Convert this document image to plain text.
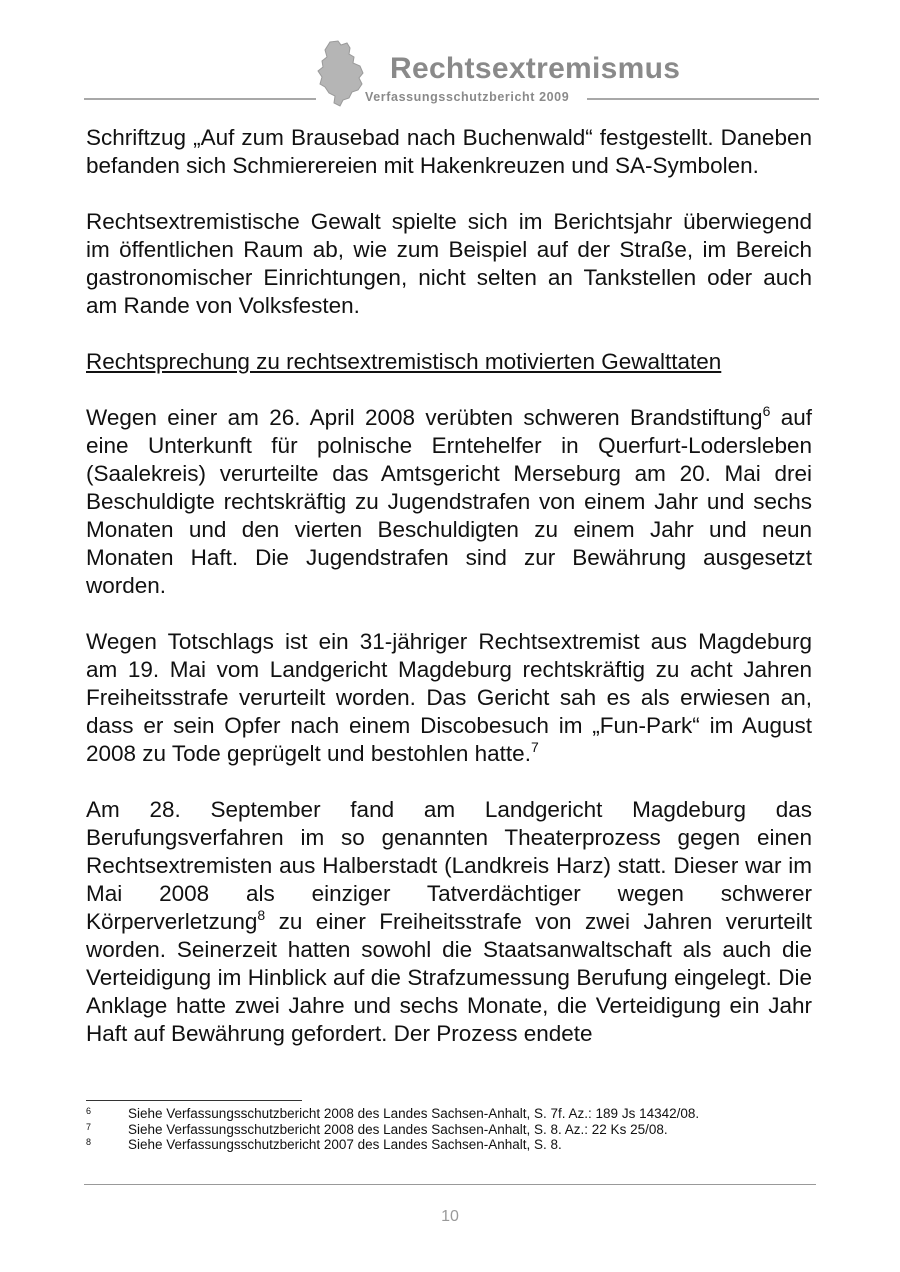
Rechtsextremismus
Verfassungsschutzbericht 2009

Schriftzug „Auf zum Brausebad nach Buchenwald“ festgestellt. Daneben befanden sich Schmierereien mit Hakenkreuzen und SA-Symbolen.

Rechtsextremistische Gewalt spielte sich im Berichtsjahr überwiegend im öffentlichen Raum ab, wie zum Beispiel auf der Straße, im Bereich gastronomischer Einrichtungen, nicht selten an Tankstellen oder auch am Rande von Volksfesten.

Rechtsprechung zu rechtsextremistisch motivierten Gewalttaten

Wegen einer am 26. April 2008 verübten schweren Brandstiftung$^6$ auf eine Unterkunft für polnische Erntehelfer in Querfurt-Lodersleben (Saalekreis) verurteilte das Amtsgericht Merseburg am 20. Mai drei Beschuldigte rechtskräftig zu Jugendstrafen von einem Jahr und sechs Monaten und den vierten Beschuldigten zu einem Jahr und neun Monaten Haft. Die Jugendstrafen sind zur Bewährung ausgesetzt worden.

Wegen Totschlags ist ein 31-jähriger Rechtsextremist aus Magdeburg am 19. Mai vom Landgericht Magdeburg rechtskräftig zu acht Jahren Freiheitsstrafe verurteilt worden. Das Gericht sah es als erwiesen an, dass er sein Opfer nach einem Discobesuch im „Fun-Park“ im August 2008 zu Tode geprügelt und bestohlen hatte.$^7$

Am 28. September fand am Landgericht Magdeburg das Berufungsverfahren im so genannten Theaterprozess gegen einen Rechtsextremisten aus Halberstadt (Landkreis Harz) statt. Dieser war im Mai 2008 als einziger Tatverdächtiger wegen schwerer Körperverletzung$^8$ zu einer Freiheitsstrafe von zwei Jahren verurteilt worden. Seinerzeit hatten sowohl die Staatsanwaltschaft als auch die Verteidigung im Hinblick auf die Strafzumessung Berufung eingelegt. Die Anklage hatte zwei Jahre und sechs Monate, die Verteidigung ein Jahr Haft auf Bewährung gefordert. Der Prozess endete

6	Siehe Verfassungsschutzbericht 2008 des Landes Sachsen-Anhalt, S. 7f. Az.: 189 Js 14342/08.
7	Siehe Verfassungsschutzbericht 2008 des Landes Sachsen-Anhalt, S. 8. Az.: 22 Ks 25/08.
8	Siehe Verfassungsschutzbericht 2007 des Landes Sachsen-Anhalt, S. 8.
10
